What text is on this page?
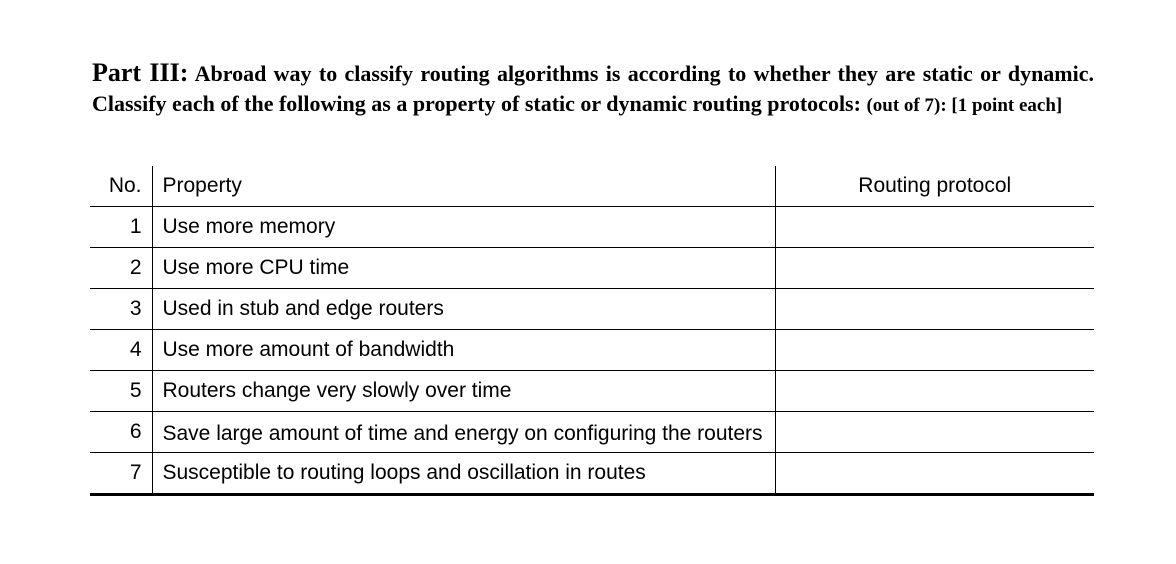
Part III: Abroad way to classify routing algorithms is according to whether they are static or dynamic. Classify each of the following as a property of static or dynamic routing protocols: (out of 7): [1 point each]

No.	Property	Routing protocol
1	Use more memory	
2	Use more CPU time	
3	Used in stub and edge routers	
4	Use more amount of bandwidth	
5	Routers change very slowly over time	
6	Save large amount of time and energy on configuring the routers	
7	Susceptible to routing loops and oscillation in routes	
